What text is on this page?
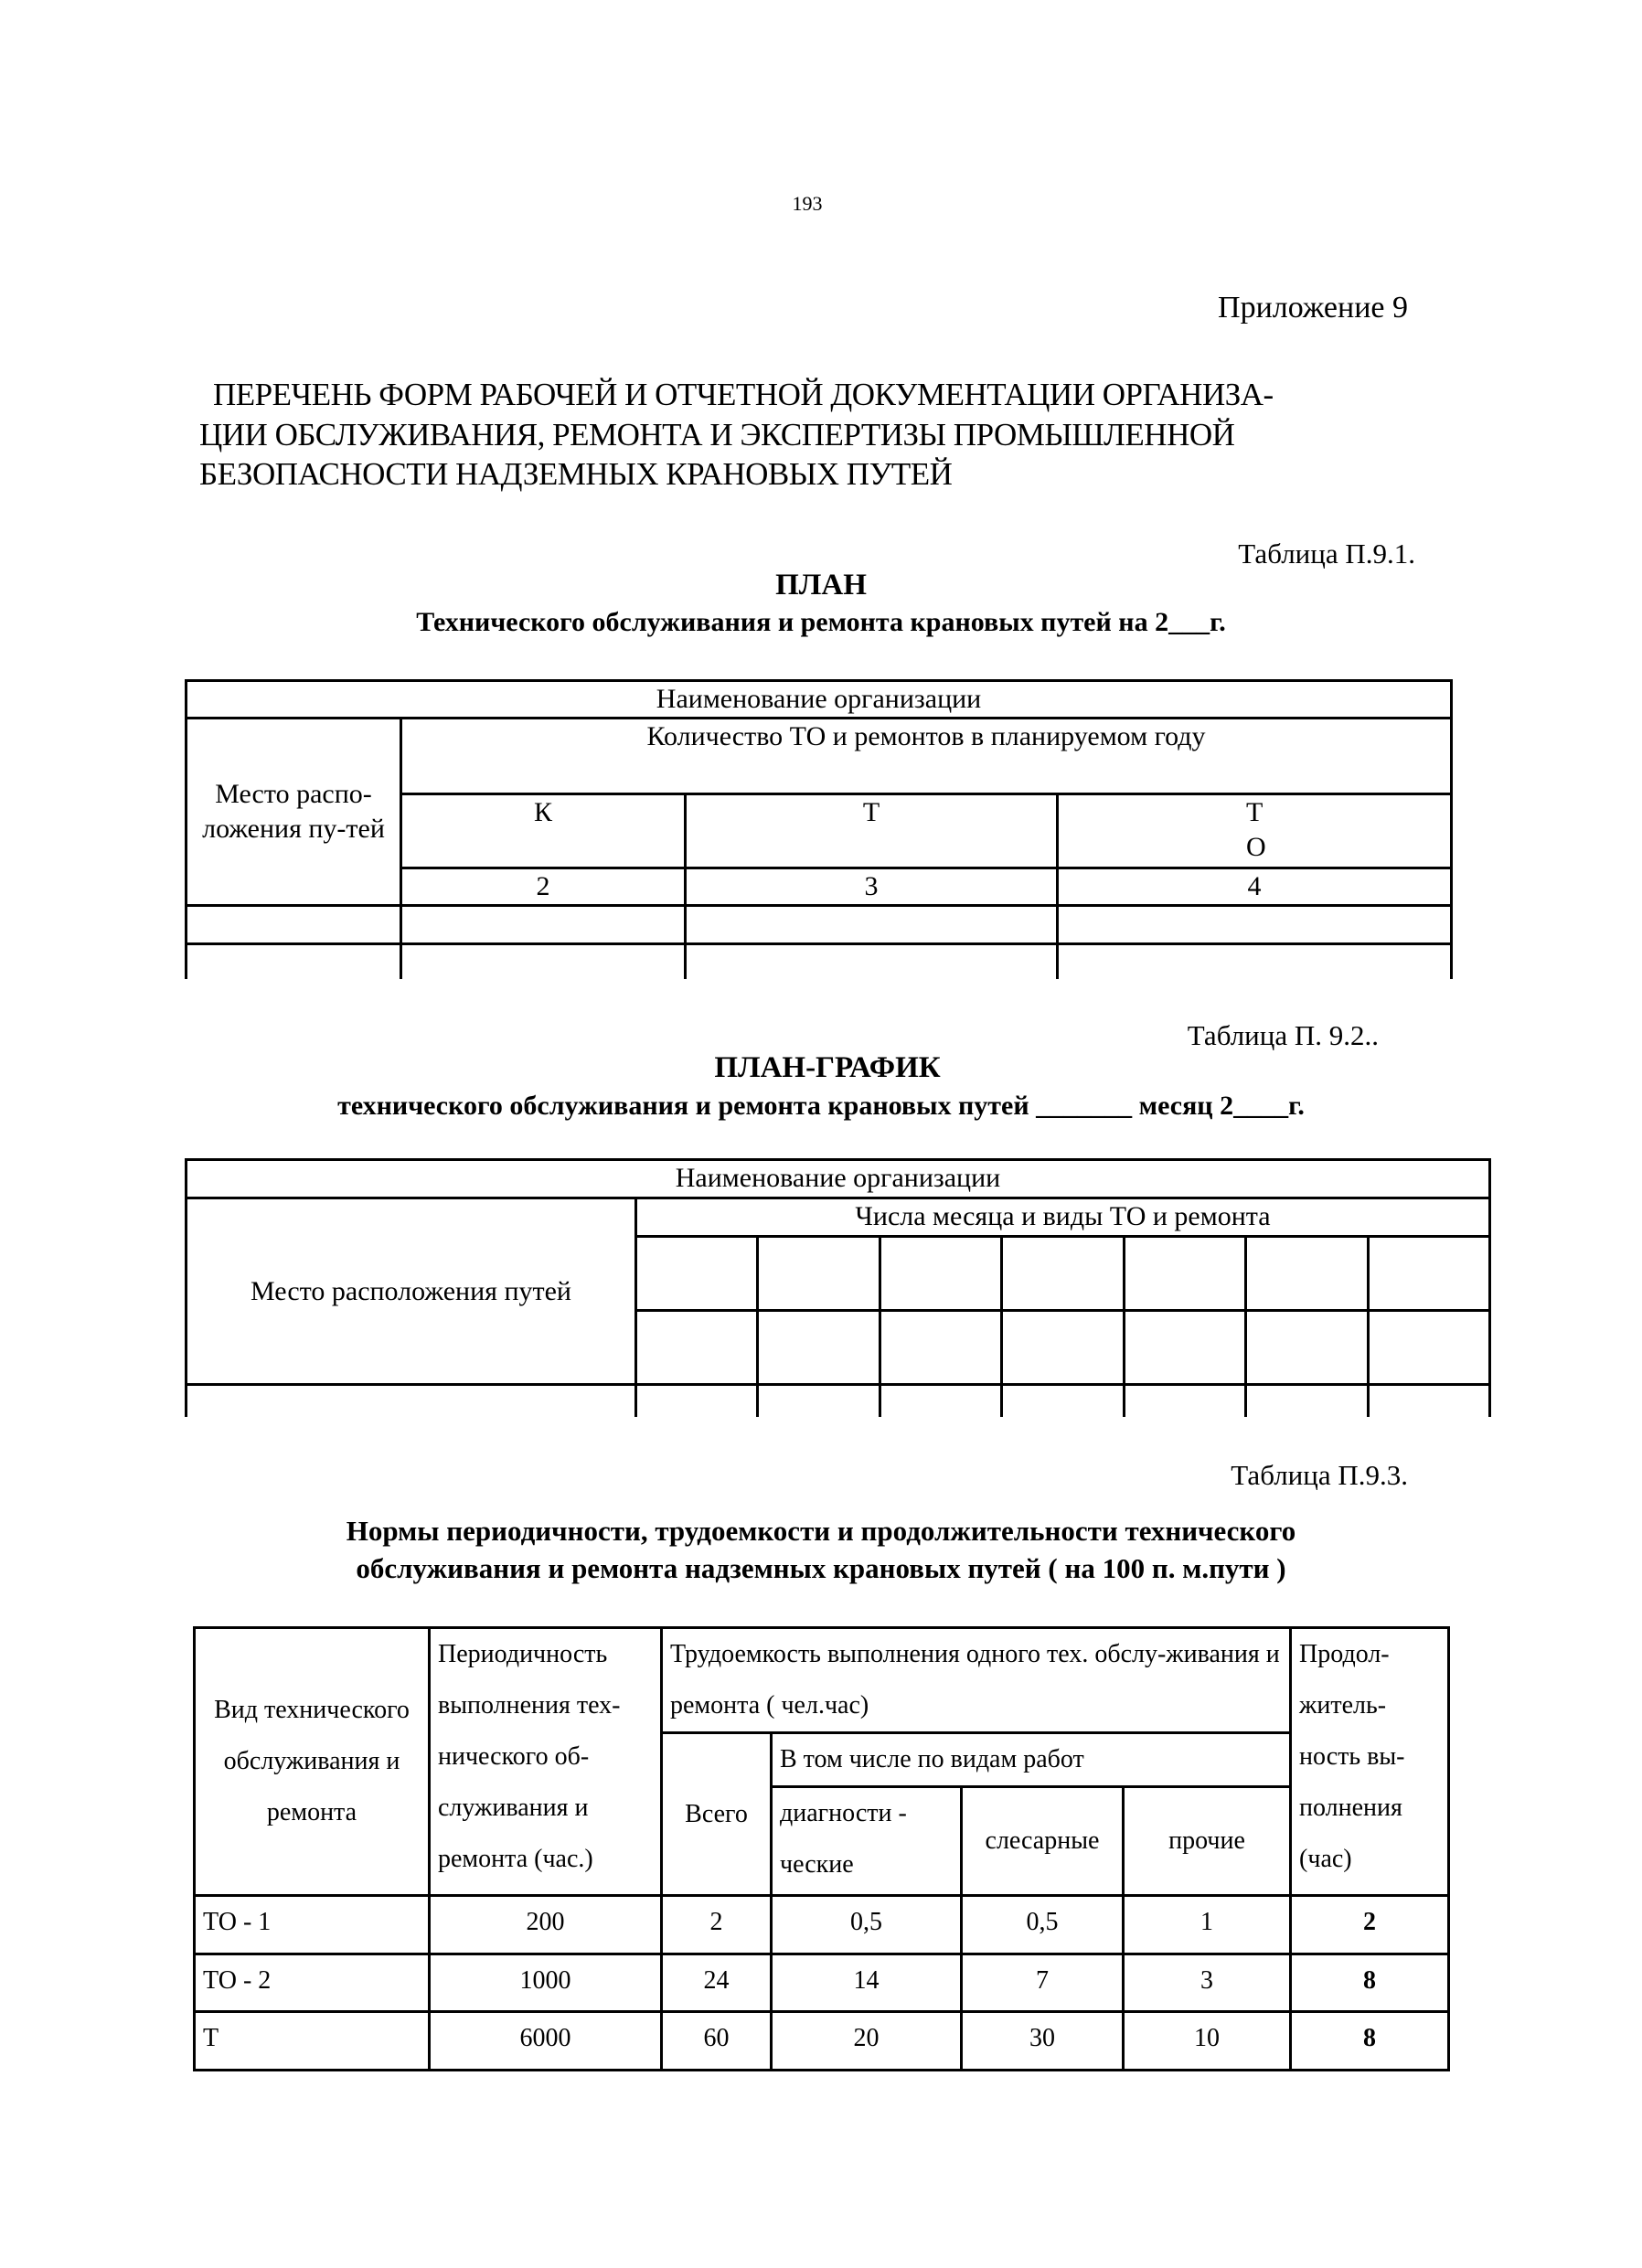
193
Приложение 9
ПЕРЕЧЕНЬ ФОРМ РАБОЧЕЙ И ОТЧЕТНОЙ ДОКУМЕНТАЦИИ ОРГАНИЗА-
ЦИИ ОБСЛУЖИВАНИЯ, РЕМОНТА И ЭКСПЕРТИЗЫ ПРОМЫШЛЕННОЙ
БЕЗОПАСНОСТИ НАДЗЕМНЫХ КРАНОВЫХ ПУТЕЙ
Таблица П.9.1.
ПЛАН
Технического обслуживания и ремонта крановых путей на 2___г.
Наименование организации			
Место распо-ложения пу-тей	Количество ТО и ремонтов в планируемом году		
	К	Т	Т О
	2	3	4

Таблица П. 9.2..
ПЛАН-ГРАФИК
технического обслуживания и ремонта крановых путей _______ месяц 2____г.
Наименование организации							
Место расположения путей	Числа месяца и виды ТО и ремонта						

Таблица П.9.3.
Нормы периодичности, трудоемкости и продолжительности технического
обслуживания и ремонта надземных крановых путей ( на 100 п. м.пути )
Вид технического обслуживания и ремонта	Периодичность выполнения тех-нического об-служивания и ремонта (час.)	Трудоемкость выполнения одного тех. обслу-живания и ремонта ( чел.час)				Продол-житель-ность вы-полнения (час)
		Всего	В том числе по видам работ			
			диагности - ческие	слесарные	прочие	
ТО - 1	200	2	0,5	0,5	1	2
ТО - 2	1000	24	14	7	3	8
Т	6000	60	20	30	10	8
